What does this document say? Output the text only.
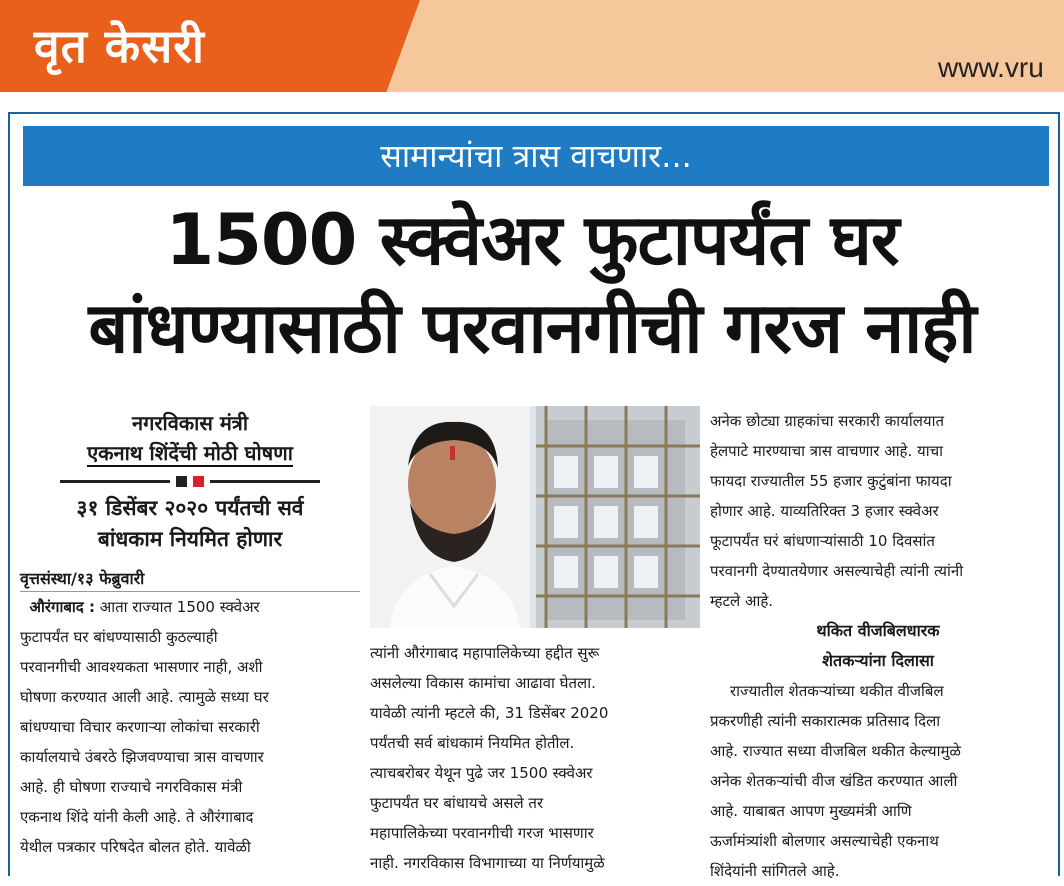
वृत केसरी	www.vru
सामान्यांचा त्रास वाचणार...
1500 स्क्वेअर फुटापर्यंत घर
बांधण्यासाठी परवानगीची गरज नाही
नगरविकास मंत्री
एकनाथ शिंदेंची मोठी घोषणा
३१ डिसेंबर २०२० पर्यंतची सर्व
बांधकाम नियमित होणार
वृत्तसंस्था/१३ फेब्रुवारी
औरंगाबाद : आता राज्यात 1500 स्क्वेअर
फुटापर्यंत घर बांधण्यासाठी कुठल्याही
परवानगीची आवश्यकता भासणार नाही, अशी
घोषणा करण्यात आली आहे. त्यामुळे सध्या घर
बांधण्याचा विचार करणाऱ्या लोकांचा सरकारी
कार्यालयाचे उंबरठे झिजवण्याचा त्रास वाचणार
आहे. ही घोषणा राज्याचे नगरविकास मंत्री
एकनाथ शिंदे यांनी केली आहे. ते औरंगाबाद
येथील पत्रकार परिषदेत बोलत होते. यावेळी
त्यांनी औरंगाबाद महापालिकेच्या हद्दीत सुरू
असलेल्या विकास कामांचा आढावा घेतला.
यावेळी त्यांनी म्हटले की, 31 डिसेंबर 2020
पर्यंतची सर्व बांधकामं नियमित होतील.
त्याचबरोबर येथून पुढे जर 1500 स्क्वेअर
फुटापर्यंत घर बांधायचे असले तर
महापालिकेच्या परवानगीची गरज भासणार
नाही. नगरविकास विभागाच्या या निर्णयामुळे
अनेक छोट्या ग्राहकांचा सरकारी कार्यालयात
हेलपाटे मारण्याचा त्रास वाचणार आहे. याचा
फायदा राज्यातील 55 हजार कुटुंबांना फायदा
होणार आहे. याव्यतिरिक्त 3 हजार स्क्वेअर
फूटापर्यंत घरं बांधणाऱ्यांसाठी 10 दिवसांत
परवानगी देण्यातयेणार असल्याचेही त्यांनी त्यांनी
म्हटले आहे.
थकित वीजबिलधारक
शेतकऱ्यांना दिलासा
राज्यातील शेतकऱ्यांच्या थकीत वीजबिल
प्रकरणीही त्यांनी सकारात्मक प्रतिसाद दिला
आहे. राज्यात सध्या वीजबिल थकीत केल्यामुळे
अनेक शेतकऱ्यांची वीज खंडित करण्यात आली
आहे. याबाबत आपण मुख्यमंत्री आणि
ऊर्जामंत्र्यांशी बोलणार असल्याचेही एकनाथ
शिंदेयांनी सांगितले आहे.
